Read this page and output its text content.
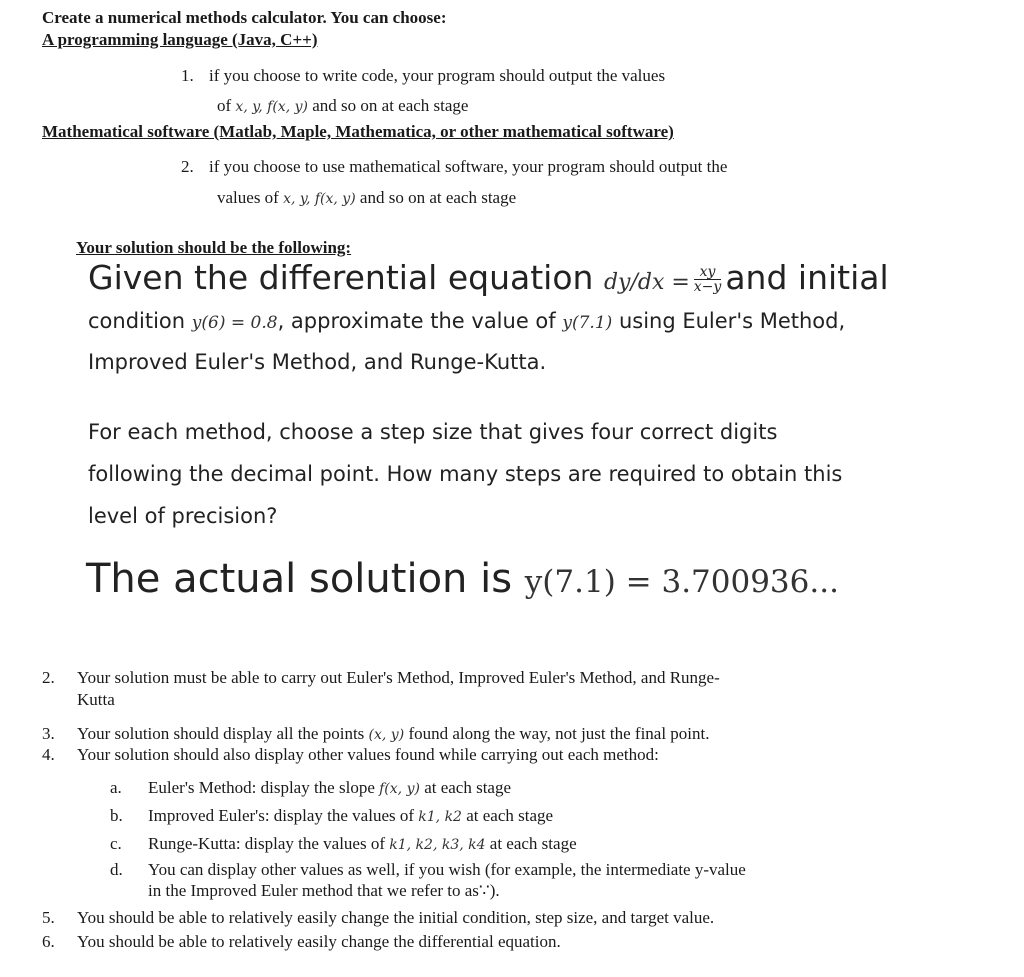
Create a numerical methods calculator. You can choose:
A programming language (Java, C++)
1. if you choose to write code, your program should output the values
of x, y, f(x, y) and so on at each stage
Mathematical software (Matlab, Maple, Mathematica, or other mathematical software)
2. if you choose to use mathematical software, your program should output the
values of x, y, f(x, y) and so on at each stage
Your solution should be the following:
Given the differential equation $dy/dx = \frac{xy}{x-y}$ and initial
condition y(6) = 0.8, approximate the value of y(7.1) using Euler's Method,
Improved Euler's Method, and Runge-Kutta.
For each method, choose a step size that gives four correct digits
following the decimal point. How many steps are required to obtain this
level of precision?
The actual solution is y(7.1) = 3.700936...
2. Your solution must be able to carry out Euler's Method, Improved Euler's Method, and Runge-
Kutta
3. Your solution should display all the points (x, y) found along the way, not just the final point.
4. Your solution should also display other values found while carrying out each method:
a. Euler's Method: display the slope f(x, y) at each stage
b. Improved Euler's: display the values of k1, k2 at each stage
c. Runge-Kutta: display the values of k1, k2, k3, k4 at each stage
d. You can display other values as well, if you wish (for example, the intermediate y-value
in the Improved Euler method that we refer to as∵).
5. You should be able to relatively easily change the initial condition, step size, and target value.
6. You should be able to relatively easily change the differential equation.
